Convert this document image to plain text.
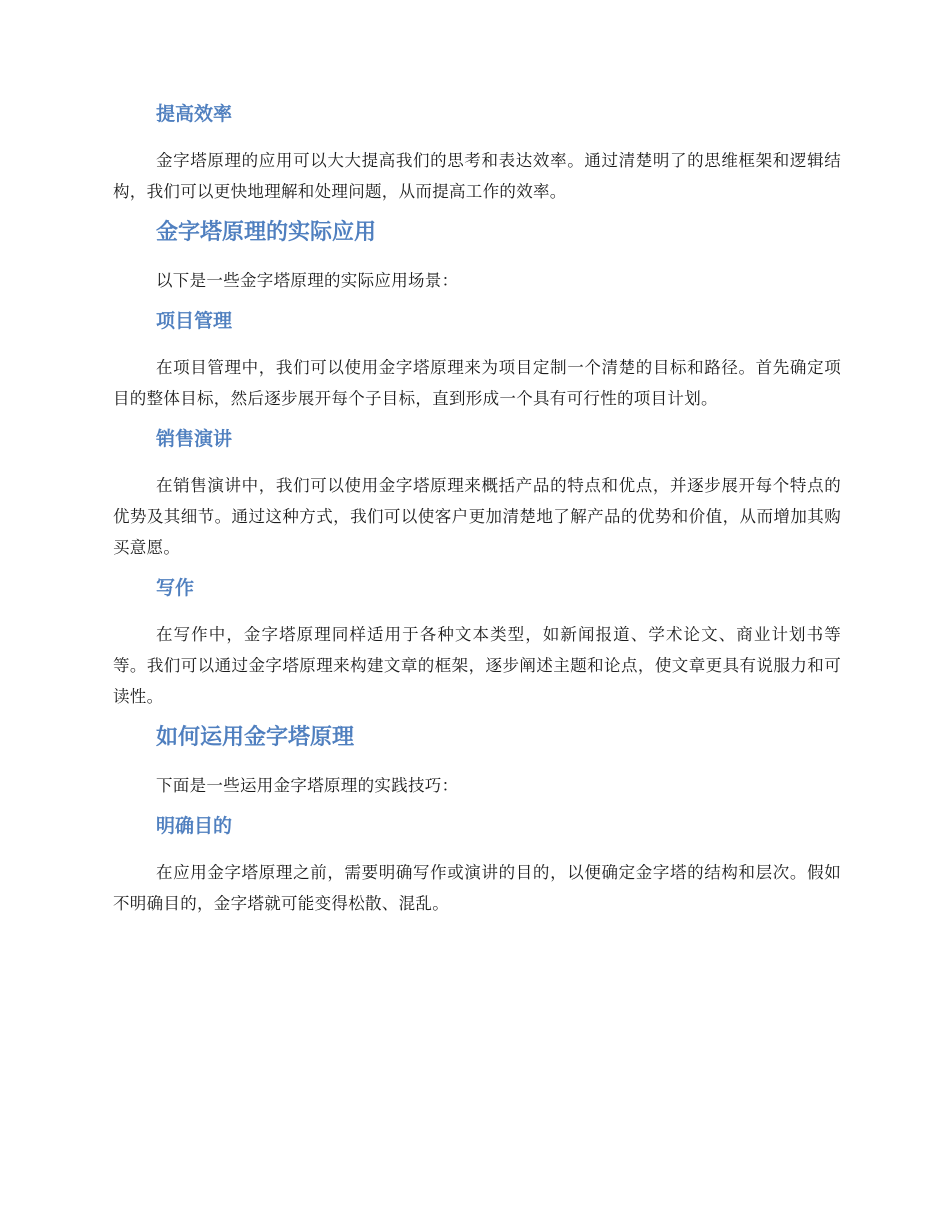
提高效率

金字塔原理的应用可以大大提高我们的思考和表达效率。通过清楚明了的思维框架和逻辑结构，我们可以更快地理解和处理问题，从而提高工作的效率。

金字塔原理的实际应用

以下是一些金字塔原理的实际应用场景：

项目管理

在项目管理中，我们可以使用金字塔原理来为项目定制一个清楚的目标和路径。首先确定项目的整体目标，然后逐步展开每个子目标，直到形成一个具有可行性的项目计划。

销售演讲

在销售演讲中，我们可以使用金字塔原理来概括产品的特点和优点，并逐步展开每个特点的优势及其细节。通过这种方式，我们可以使客户更加清楚地了解产品的优势和价值，从而增加其购买意愿。

写作

在写作中，金字塔原理同样适用于各种文本类型，如新闻报道、学术论文、商业计划书等等。我们可以通过金字塔原理来构建文章的框架，逐步阐述主题和论点，使文章更具有说服力和可读性。

如何运用金字塔原理

下面是一些运用金字塔原理的实践技巧：

明确目的

在应用金字塔原理之前，需要明确写作或演讲的目的，以便确定金字塔的结构和层次。假如不明确目的，金字塔就可能变得松散、混乱。
